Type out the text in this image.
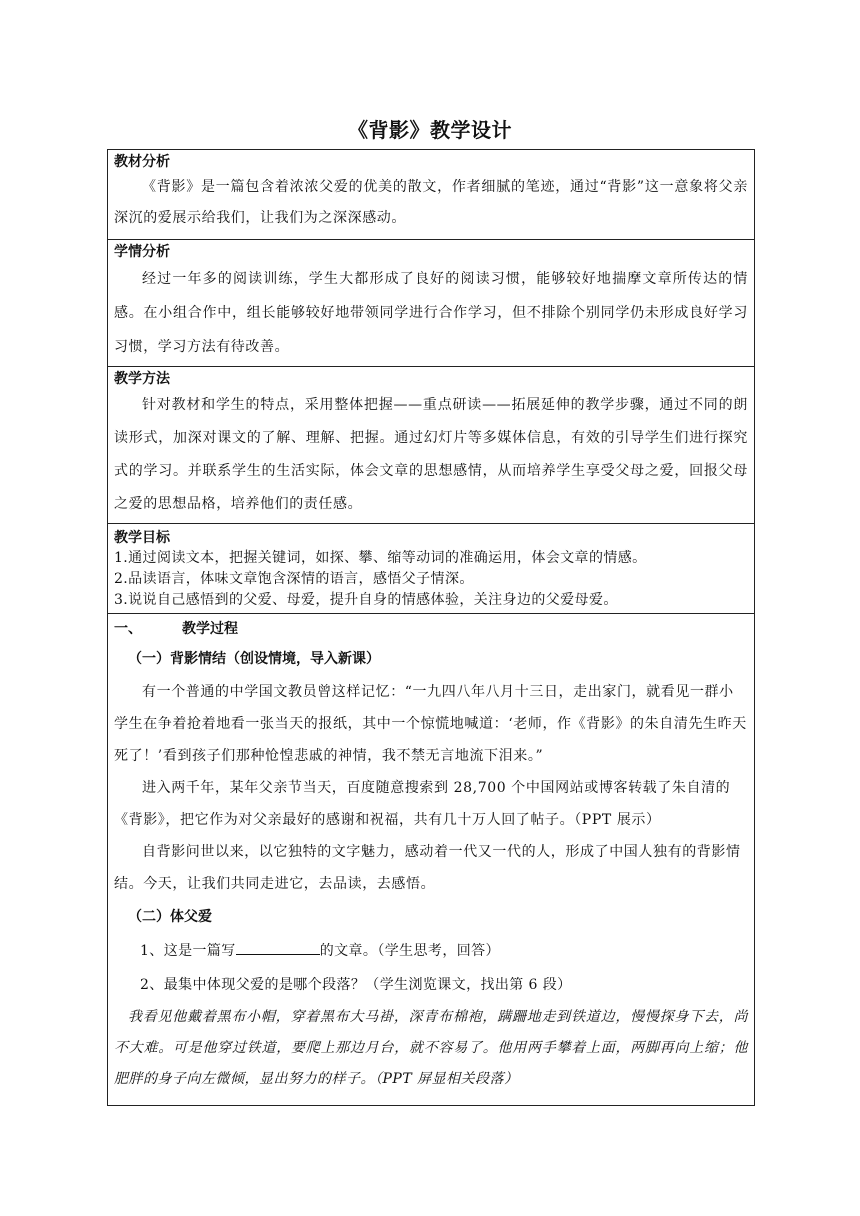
《背影》教学设计
教材分析
《背影》是一篇包含着浓浓父爱的优美的散文，作者细腻的笔迹，通过“背影”这一意象将父亲深沉的爱展示给我们，让我们为之深深感动。
学情分析
经过一年多的阅读训练，学生大都形成了良好的阅读习惯，能够较好地揣摩文章所传达的情感。在小组合作中，组长能够较好地带领同学进行合作学习，但不排除个别同学仍未形成良好学习习惯，学习方法有待改善。
教学方法
针对教材和学生的特点，采用整体把握——重点研读——拓展延伸的教学步骤，通过不同的朗读形式，加深对课文的了解、理解、把握。通过幻灯片等多媒体信息，有效的引导学生们进行探究式的学习。并联系学生的生活实际，体会文章的思想感情，从而培养学生享受父母之爱，回报父母之爱的思想品格，培养他们的责任感。
教学目标
1.通过阅读文本，把握关键词，如探、攀、缩等动词的准确运用，体会文章的情感。
2.品读语言，体味文章饱含深情的语言，感悟父子情深。
3.说说自己感悟到的父爱、母爱，提升自身的情感体验，关注身边的父爱母爱。
一、	教学过程
（一）背影情结（创设情境，导入新课）
有一个普通的中学国文教员曾这样记忆：“一九四八年八月十三日，走出家门，就看见一群小学生在争着抢着地看一张当天的报纸，其中一个惊慌地喊道：‘老师，作《背影》的朱自清先生昨天死了！’看到孩子们那种怆惶悲戚的神情，我不禁无言地流下泪来。”
进入两千年，某年父亲节当天，百度随意搜索到 28,700 个中国网站或博客转载了朱自清的《背影》，把它作为对父亲最好的感谢和祝福，共有几十万人回了帖子。（PPT 展示）
自背影问世以来，以它独特的文字魅力，感动着一代又一代的人，形成了中国人独有的背影情结。今天，让我们共同走进它，去品读，去感悟。
（二）体父爱
1、这是一篇写	的文章。（学生思考，回答）
2、最集中体现父爱的是哪个段落？（学生浏览课文，找出第 6 段）
我看见他戴着黑布小帽，穿着黑布大马褂，深青布棉袍，蹒跚地走到铁道边，慢慢探身下去，尚不大难。可是他穿过铁道，要爬上那边月台，就不容易了。他用两手攀着上面，两脚再向上缩；他肥胖的身子向左微倾，显出努力的样子。（PPT 屏显相关段落）
